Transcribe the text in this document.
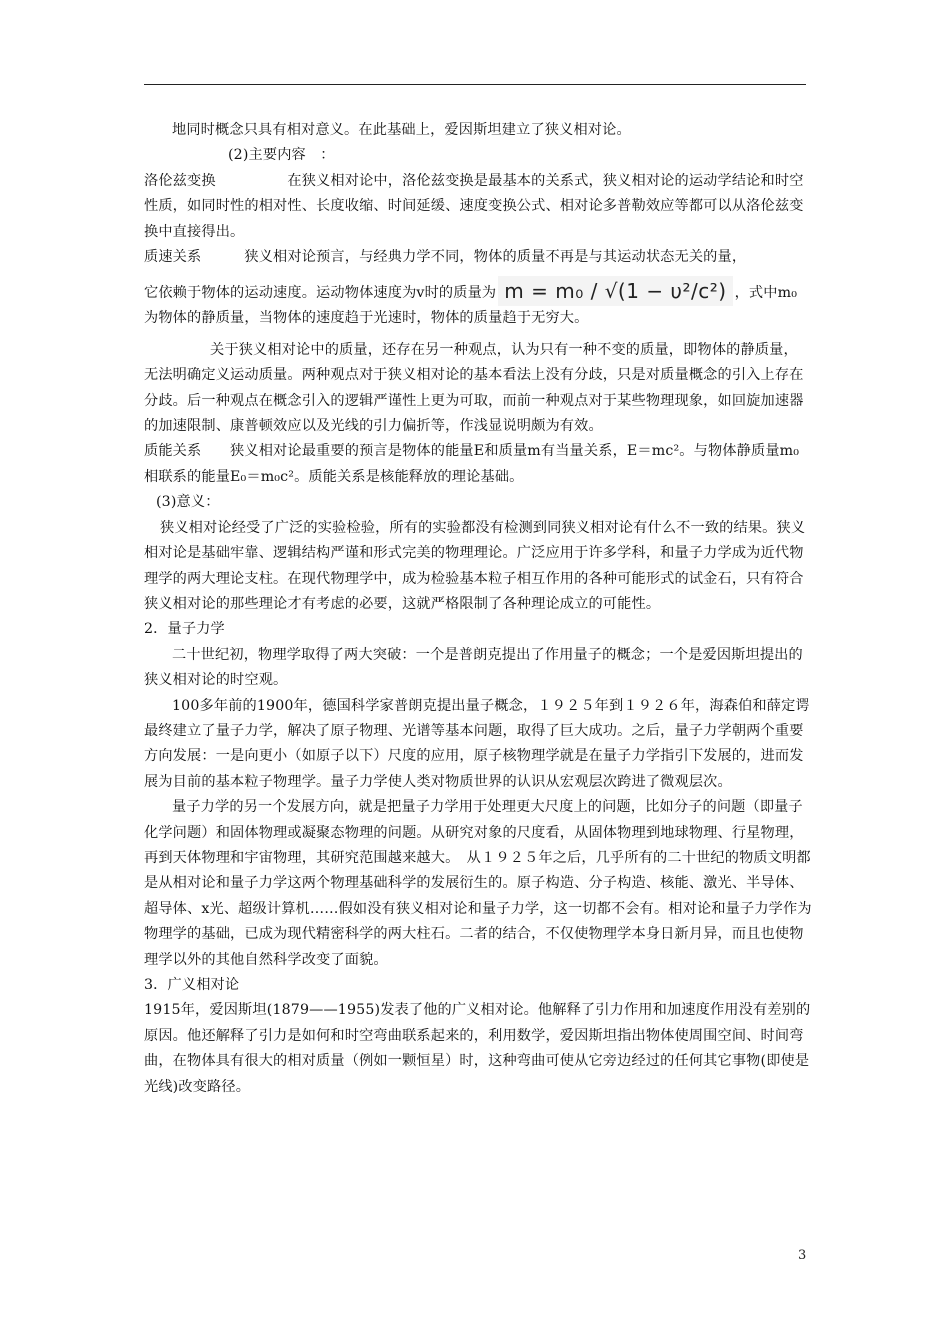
地同时概念只具有相对意义。在此基础上，爱因斯坦建立了狭义相对论。

(2)主要内容　：

洛伦兹变换　　　　　在狭义相对论中，洛伦兹变换是最基本的关系式，狭义相对论的运动学结论和时空性质，如同时性的相对性、长度收缩、时间延缓、速度变换公式、相对论多普勒效应等都可以从洛伦兹变换中直接得出。

质速关系　　　狭义相对论预言，与经典力学不同，物体的质量不再是与其运动状态无关的量，

它依赖于物体的运动速度。运动物体速度为v时的质量为 m = m₀ / √(1 − υ²/c²) ，式中m₀

为物体的静质量，当物体的速度趋于光速时，物体的质量趋于无穷大。

关于狭义相对论中的质量，还存在另一种观点，认为只有一种不变的质量，即物体的静质量，无法明确定义运动质量。两种观点对于狭义相对论的基本看法上没有分歧，只是对质量概念的引入上存在分歧。后一种观点在概念引入的逻辑严谨性上更为可取，而前一种观点对于某些物理现象，如回旋加速器的加速限制、康普顿效应以及光线的引力偏折等，作浅显说明颇为有效。

质能关系　　狭义相对论最重要的预言是物体的能量E和质量m有当量关系，E＝mc²。与物体静质量m₀相联系的能量E₀＝m₀c²。质能关系是核能释放的理论基础。

(3)意义：

狭义相对论经受了广泛的实验检验，所有的实验都没有检测到同狭义相对论有什么不一致的结果。狭义相对论是基础牢靠、逻辑结构严谨和形式完美的物理理论。广泛应用于许多学科，和量子力学成为近代物理学的两大理论支柱。在现代物理学中，成为检验基本粒子相互作用的各种可能形式的试金石，只有符合狭义相对论的那些理论才有考虑的必要，这就严格限制了各种理论成立的可能性。

2．量子力学

二十世纪初，物理学取得了两大突破：一个是普朗克提出了作用量子的概念；一个是爱因斯坦提出的狭义相对论的时空观。

100多年前的1900年，德国科学家普朗克提出量子概念，１９２５年到１９２６年，海森伯和薛定谔最终建立了量子力学，解决了原子物理、光谱等基本问题，取得了巨大成功。之后，量子力学朝两个重要方向发展：一是向更小（如原子以下）尺度的应用，原子核物理学就是在量子力学指引下发展的，进而发展为目前的基本粒子物理学。量子力学使人类对物质世界的认识从宏观层次跨进了微观层次。

量子力学的另一个发展方向，就是把量子力学用于处理更大尺度上的问题，比如分子的问题（即量子化学问题）和固体物理或凝聚态物理的问题。从研究对象的尺度看，从固体物理到地球物理、行星物理，再到天体物理和宇宙物理，其研究范围越来越大。　从１９２５年之后，几乎所有的二十世纪的物质文明都是从相对论和量子力学这两个物理基础科学的发展衍生的。原子构造、分子构造、核能、激光、半导体、超导体、x光、超级计算机……假如没有狭义相对论和量子力学，这一切都不会有。相对论和量子力学作为物理学的基础，已成为现代精密科学的两大柱石。二者的结合，不仅使物理学本身日新月异，而且也使物理学以外的其他自然科学改变了面貌。

3．广义相对论

1915年，爱因斯坦(1879——1955)发表了他的广义相对论。他解释了引力作用和加速度作用没有差别的原因。他还解释了引力是如何和时空弯曲联系起来的，利用数学，爱因斯坦指出物体使周围空间、时间弯曲，在物体具有很大的相对质量（例如一颗恒星）时，这种弯曲可使从它旁边经过的任何其它事物(即使是光线)改变路径。

3
